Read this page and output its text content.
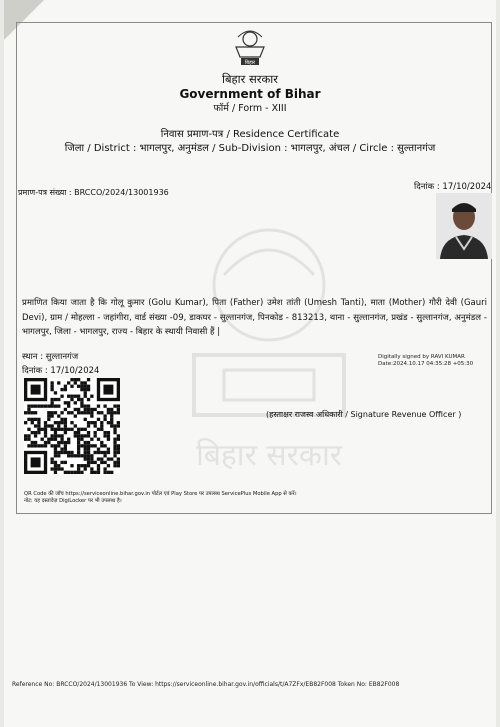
बिहार सरकार
बिहार
बिहार सरकार
Government of Bihar
फॉर्म / Form - XIII
निवास प्रमाण-पत्र / Residence Certificate
जिला / District : भागलपुर, अनुमंडल / Sub-Division : भागलपुर, अंचल / Circle : सुल्तानगंज
प्रमाण-पत्र संख्या : BRCCO/2024/13001936
दिनांक : 17/10/2024
प्रमाणित किया जाता है कि गोलू कुमार (Golu Kumar), पिता (Father) उमेश तांती (Umesh Tanti), माता (Mother) गौरी देवी (Gauri Devi), ग्राम / मोहल्ला - जहांगीरा, वार्ड संख्या -09, डाकघर - सुल्तानगंज, पिनकोड - 813213, थाना - सुल्तानगंज, प्रखंड - सुल्तानगंज, अनुमंडल - भागलपुर, जिला - भागलपुर, राज्य - बिहार के स्थायी निवासी हैं |
स्थान : सुल्तानगंज
दिनांक : 17/10/2024
Digitally signed by RAVI KUMAR
Date:2024.10.17 04:35:28 +05:30
(हस्ताक्षर राजस्व अधिकारी / Signature Revenue Officer )
QR Code की जाँच https://serviceonline.bihar.gov.in पोर्टल एवं Play Store पर उपलब्ध ServicePlus Mobile App से करें।
नोट: यह दस्तावेज़ DigiLocker पर भी उपलब्ध है।
Reference No: BRCCO/2024/13001936 To View: https://serviceonline.bihar.gov.in/officials/t/A7ZFx/EB82F008 Token No: EB82F008
